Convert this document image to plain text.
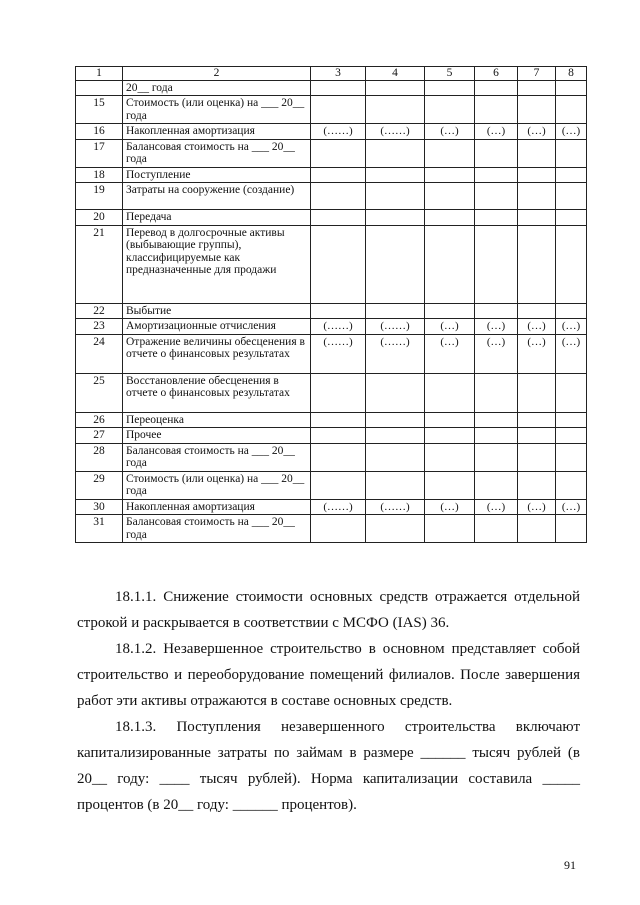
1	2	3	4	5	6	7	8
	20__ года						
15	Стоимость (или оценка) на ___ 20__ года						
16	Накопленная амортизация	(……)	(……)	(…)	(…)	(…)	(…)
17	Балансовая стоимость на ___ 20__ года						
18	Поступление						
19	Затраты на сооружение (создание)						
20	Передача						
21	Перевод в долгосрочные активы (выбывающие группы), классифицируемые как предназначенные для продажи						
22	Выбытие						
23	Амортизационные отчисления	(……)	(……)	(…)	(…)	(…)	(…)
24	Отражение величины обесценения в отчете о финансовых результатах	(……)	(……)	(…)	(…)	(…)	(…)
25	Восстановление обесценения в отчете о финансовых результатах						
26	Переоценка						
27	Прочее						
28	Балансовая стоимость на ___ 20__ года						
29	Стоимость (или оценка) на ___ 20__ года						
30	Накопленная амортизация	(……)	(……)	(…)	(…)	(…)	(…)
31	Балансовая стоимость на ___ 20__ года						

18.1.1. Снижение стоимости основных средств отражается отдельной строкой и раскрывается в соответствии с МСФО (IAS) 36.

18.1.2. Незавершенное строительство в основном представляет собой строительство и переоборудование помещений филиалов. После завершения работ эти активы отражаются в составе основных средств.

18.1.3. Поступления незавершенного строительства включают капитализированные затраты по займам в размере ______ тысяч рублей (в 20__ году: ____ тысяч рублей). Норма капитализации составила _____ процентов (в 20__ году: ______ процентов).

91
